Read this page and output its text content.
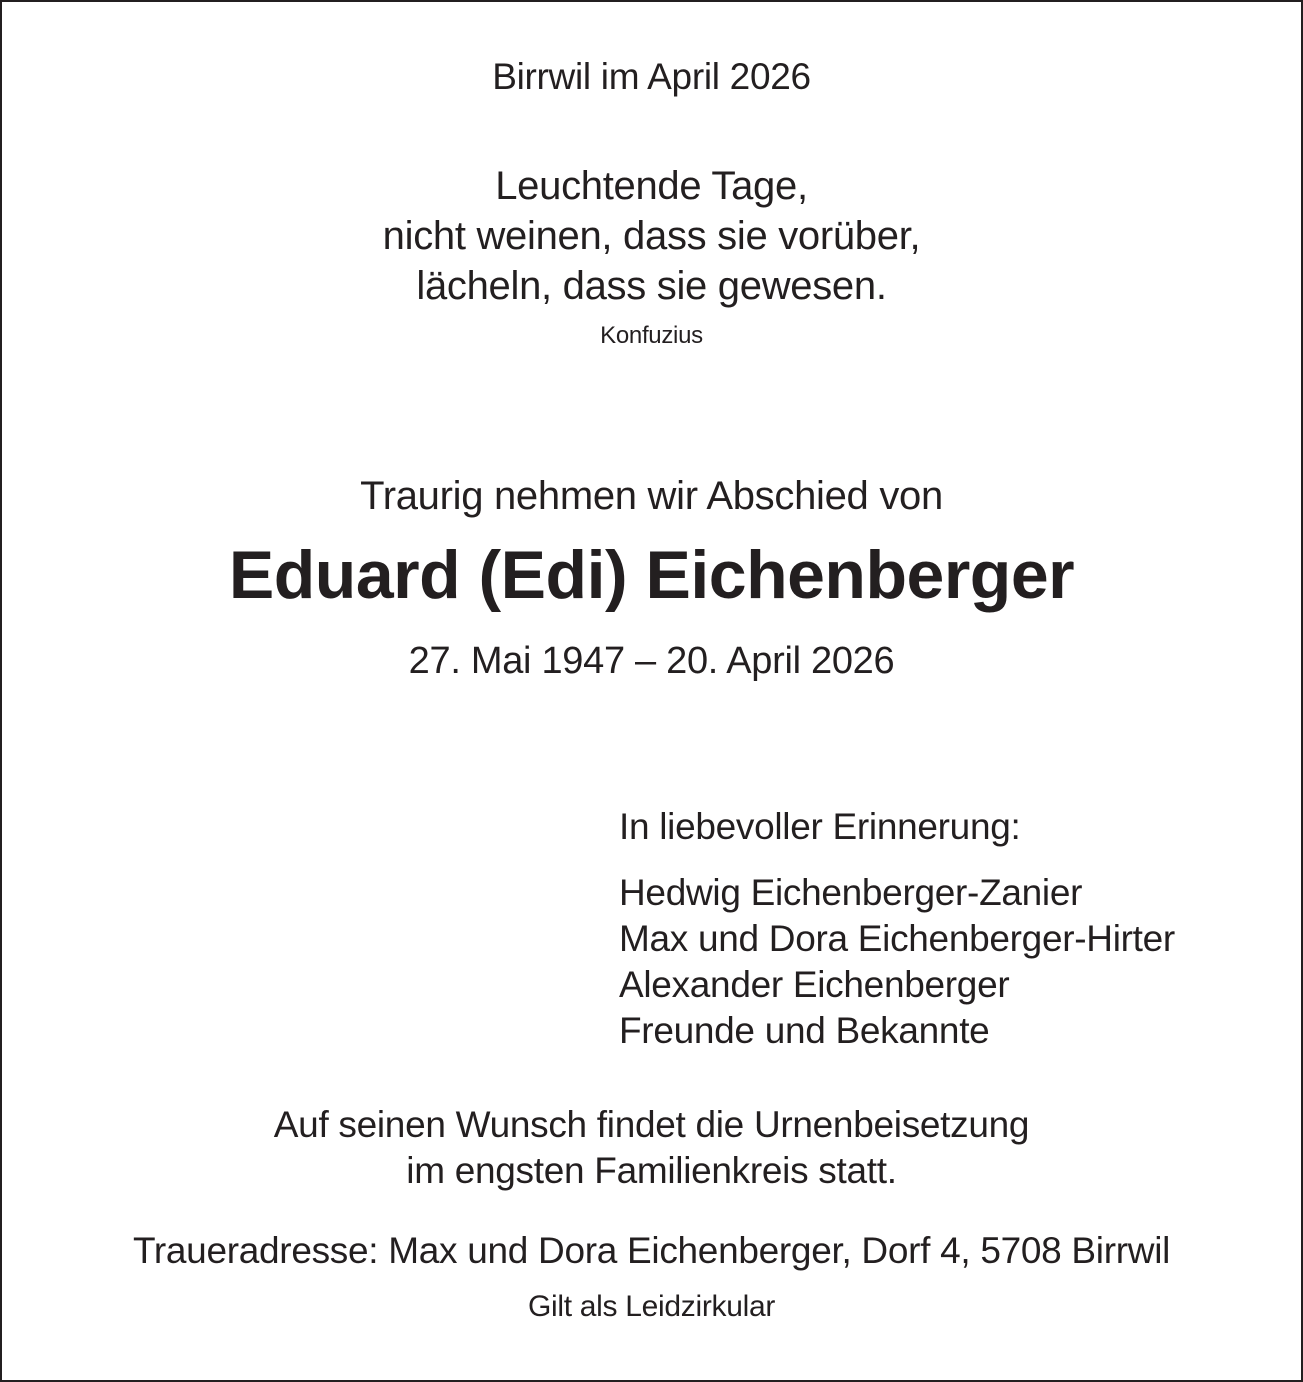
Birrwil im April 2026
Leuchtende Tage,
nicht weinen, dass sie vorüber,
lächeln, dass sie gewesen.
Konfuzius
Traurig nehmen wir Abschied von
Eduard (Edi) Eichenberger
27. Mai 1947 – 20. April 2026
In liebevoller Erinnerung:
Hedwig Eichenberger-Zanier
Max und Dora Eichenberger-Hirter
Alexander Eichenberger
Freunde und Bekannte
Auf seinen Wunsch findet die Urnenbeisetzung
im engsten Familienkreis statt.
Traueradresse: Max und Dora Eichenberger, Dorf 4, 5708 Birrwil
Gilt als Leidzirkular
